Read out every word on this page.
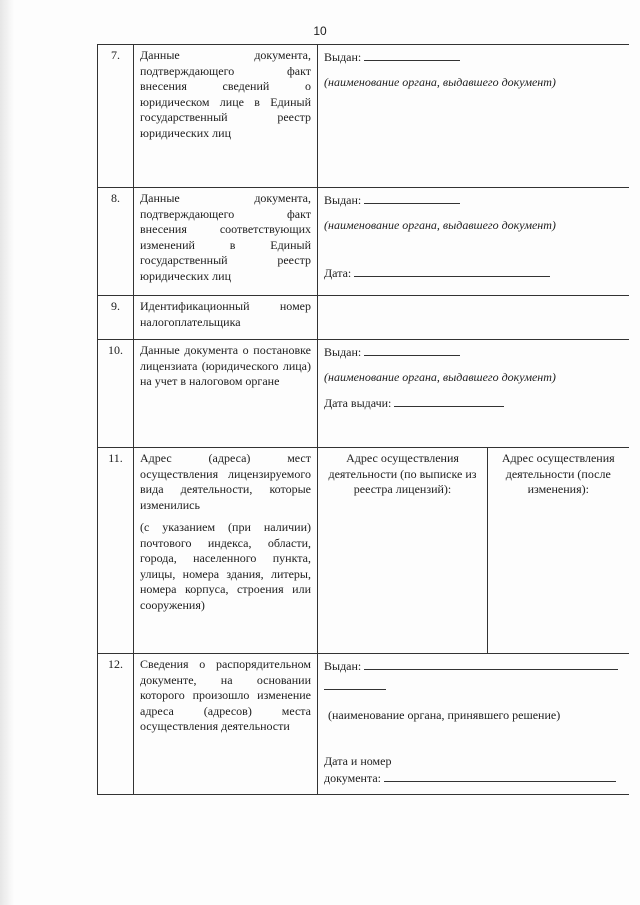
10
7.	Данные документа, подтверждающего факт внесения сведений о юридическом лице в Единый государственный реестр юридических лиц	Выдан:
(наименование органа, выдавшего документ)	

8.	Данные документа, подтверждающего факт внесения соответствующих изменений в Единый государственный реестр юридических лиц	Выдан:
(наименование органа, выдавшего документ)
Дата:	

9.	Идентификационный номер налогоплательщика		
10.	Данные документа о постановке лицензиата (юридического лица) на учет в налоговом органе	Выдан:
(наименование органа, выдавшего документ)
Дата выдачи:	

11.	Адрес (адреса) мест осуществления лицензируемого вида деятельности, которые изменились
(с указанием (при наличии) почтового индекса, области, города, населенного пункта, улицы, номера здания, литеры, номера корпуса, строения или сооружения)	Адрес осуществления деятельности (по выписке из реестра лицензий):	Адрес осуществления деятельности (после изменения):

12.	Сведения о распорядительном документе, на основании которого произошло изменение адреса (адресов) места осуществления деятельности	Выдан:
(наименование органа, принявшего решение)
Дата и номер
документа:	
